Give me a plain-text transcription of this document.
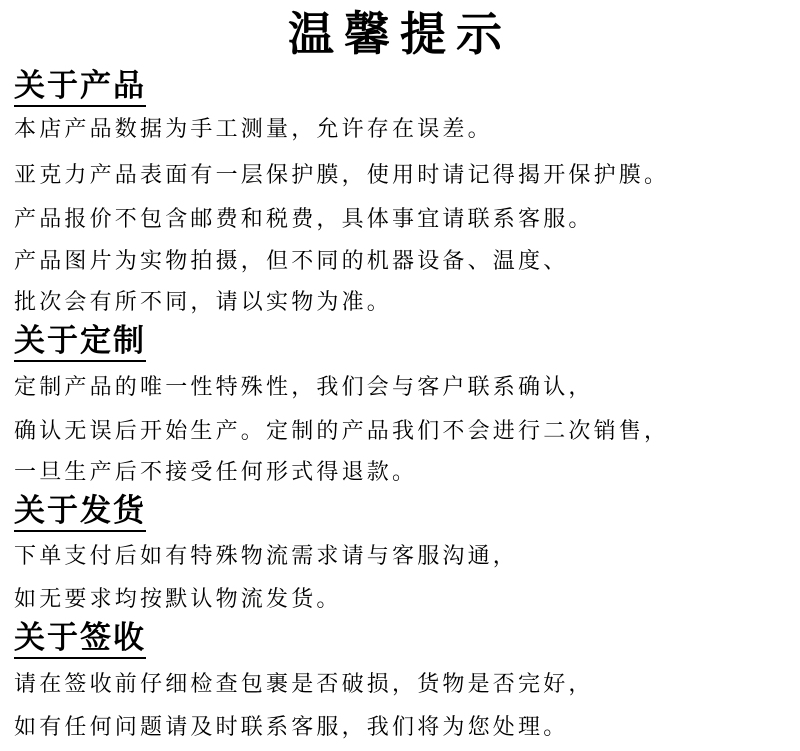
温馨提示
关于产品
本店产品数据为手工测量，允许存在误差。
亚克力产品表面有一层保护膜，使用时请记得揭开保护膜。
产品报价不包含邮费和税费，具体事宜请联系客服。
产品图片为实物拍摄，但不同的机器设备、温度、
批次会有所不同，请以实物为准。
关于定制
定制产品的唯一性特殊性，我们会与客户联系确认，
确认无误后开始生产。定制的产品我们不会进行二次销售，
一旦生产后不接受任何形式得退款。
关于发货
下单支付后如有特殊物流需求请与客服沟通，
如无要求均按默认物流发货。
关于签收
请在签收前仔细检查包裹是否破损，货物是否完好，
如有任何问题请及时联系客服，我们将为您处理。
